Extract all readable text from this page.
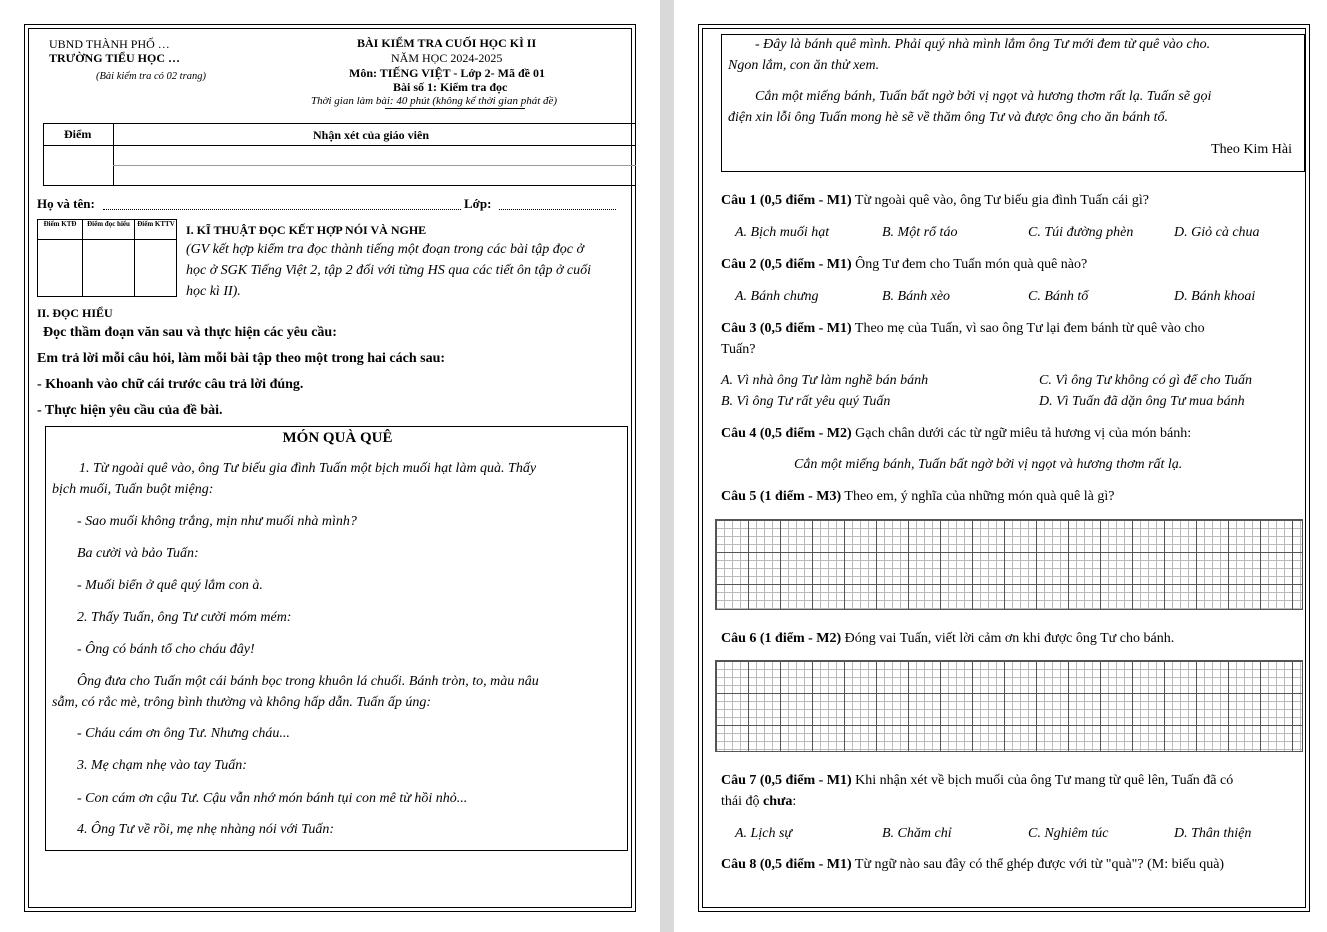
UBND THÀNH PHỐ …
TRƯỜNG TIỂU HỌC …
(Bài kiểm tra có 02 trang)
BÀI KIỂM TRA CUỐI HỌC KÌ II
NĂM HỌC 2024-2025
Môn: TIẾNG VIỆT - Lớp 2- Mã đề 01
Bài số 1: Kiểm tra đọc
Thời gian làm bài: 40 phút (không kể thời gian phát đề)
Điểm	Nhận xét của giáo viên
Họ và tên:	Lớp:
Điểm KTĐ	Điểm đọc hiểu	Điểm KTTV I. KĨ THUẬT ĐỌC KẾT HỢP NÓI VÀ NGHE
(GV kết hợp kiểm tra đọc thành tiếng một đoạn trong các bài tập đọc ở
học ở SGK Tiếng Việt 2, tập 2 đối với từng HS qua các tiết ôn tập ở cuối
học kì II).
II. ĐỌC HIỂU
Đọc thầm đoạn văn sau và thực hiện các yêu cầu:
Em trả lời mỗi câu hỏi, làm mỗi bài tập theo một trong hai cách sau:
- Khoanh vào chữ cái trước câu trả lời đúng.
- Thực hiện yêu cầu của đề bài.
MÓN QUÀ QUÊ

1. Từ ngoài quê vào, ông Tư biếu gia đình Tuấn một bịch muối hạt làm quà. Thấy

bịch muối, Tuấn buột miệng:

- Sao muối không trắng, mịn như muối nhà mình?

Ba cười và bảo Tuấn:

- Muối biển ở quê quý lắm con à.

2. Thấy Tuấn, ông Tư cười móm mém:

- Ông có bánh tổ cho cháu đây!

Ông đưa cho Tuấn một cái bánh bọc trong khuôn lá chuối. Bánh tròn, to, màu nâu

sẫm, có rắc mè, trông bình thường và không hấp dẫn. Tuấn ấp úng:

- Cháu cám ơn ông Tư. Nhưng cháu...

3. Mẹ chạm nhẹ vào tay Tuấn:

- Con cám ơn cậu Tư. Cậu vẫn nhớ món bánh tụi con mê từ hồi nhỏ...

4. Ông Tư về rồi, mẹ nhẹ nhàng nói với Tuấn:

- Đây là bánh quê mình. Phải quý nhà mình lắm ông Tư mới đem từ quê vào cho.

Ngon lắm, con ăn thử xem.

Cắn một miếng bánh, Tuấn bất ngờ bởi vị ngọt và hương thơm rất lạ. Tuấn sẽ gọi

điện xin lỗi ông Tuấn mong hè sẽ về thăm ông Tư và được ông cho ăn bánh tổ.

Theo Kim Hài
Câu 1 (0,5 điểm - M1) Từ ngoài quê vào, ông Tư biếu gia đình Tuấn cái gì?
A. Bịch muối hạt	B. Một rổ táo	C. Túi đường phèn	D. Giỏ cà chua
Câu 2 (0,5 điểm - M1) Ông Tư đem cho Tuấn món quà quê nào?
A. Bánh chưng	B. Bánh xèo	C. Bánh tổ	D. Bánh khoai
Câu 3 (0,5 điểm - M1) Theo mẹ của Tuấn, vì sao ông Tư lại đem bánh từ quê vào cho
Tuấn?
A. Vì nhà ông Tư làm nghề bán bánh
B. Vì ông Tư rất yêu quý Tuấn
C. Vì ông Tư không có gì để cho Tuấn
D. Vì Tuấn đã dặn ông Tư mua bánh
Câu 4 (0,5 điểm - M2) Gạch chân dưới các từ ngữ miêu tả hương vị của món bánh:
Cắn một miếng bánh, Tuấn bất ngờ bởi vị ngọt và hương thơm rất lạ.
Câu 5 (1 điểm - M3) Theo em, ý nghĩa của những món quà quê là gì?
Câu 6 (1 điểm - M2) Đóng vai Tuấn, viết lời cảm ơn khi được ông Tư cho bánh.
Câu 7 (0,5 điểm - M1) Khi nhận xét về bịch muối của ông Tư mang từ quê lên, Tuấn đã có
thái độ chưa:
A. Lịch sự	B. Chăm chỉ	C. Nghiêm túc	D. Thân thiện
Câu 8 (0,5 điểm - M1) Từ ngữ nào sau đây có thể ghép được với từ "quà"? (M: biếu quà)
